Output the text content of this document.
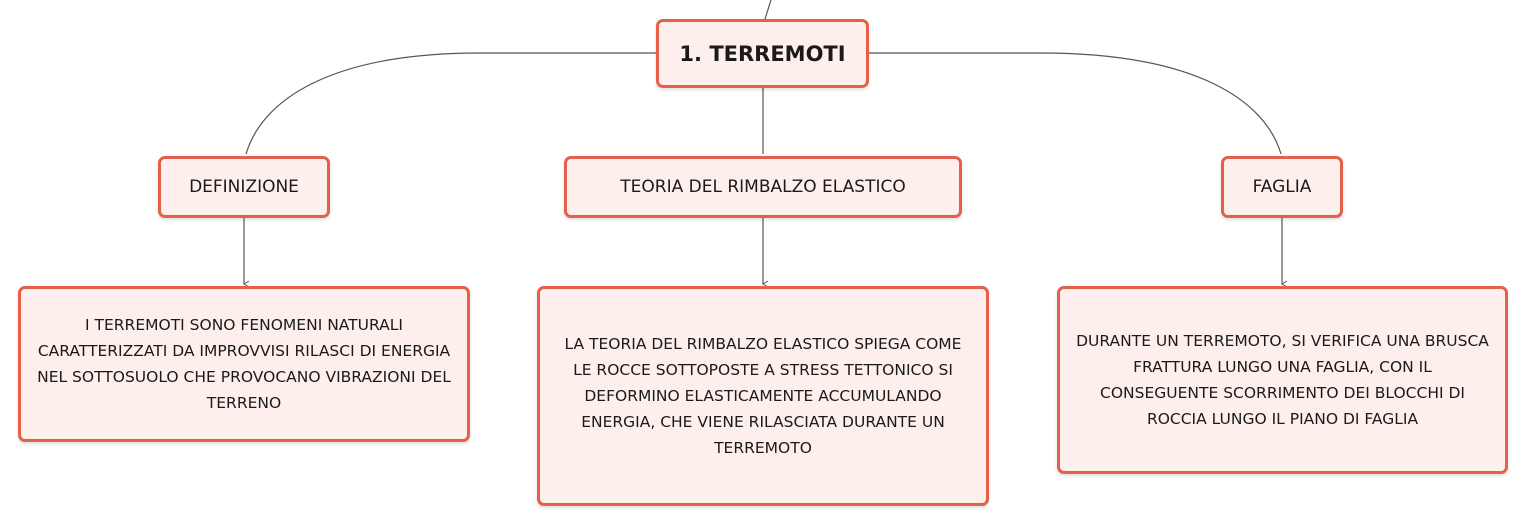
1. TERREMOTI
DEFINIZIONE	TEORIA DEL RIMBALZO ELASTICO	FAGLIA
I TERREMOTI SONO FENOMENI NATURALI CARATTERIZZATI DA IMPROVVISI RILASCI DI ENERGIA NEL SOTTOSUOLO CHE PROVOCANO VIBRAZIONI DEL TERRENO
LA TEORIA DEL RIMBALZO ELASTICO SPIEGA COME LE ROCCE SOTTOPOSTE A STRESS TETTONICO SI DEFORMINO ELASTICAMENTE ACCUMULANDO ENERGIA, CHE VIENE RILASCIATA DURANTE UN TERREMOTO
DURANTE UN TERREMOTO, SI VERIFICA UNA BRUSCA FRATTURA LUNGO UNA FAGLIA, CON IL CONSEGUENTE SCORRIMENTO DEI BLOCCHI DI ROCCIA LUNGO IL PIANO DI FAGLIA
